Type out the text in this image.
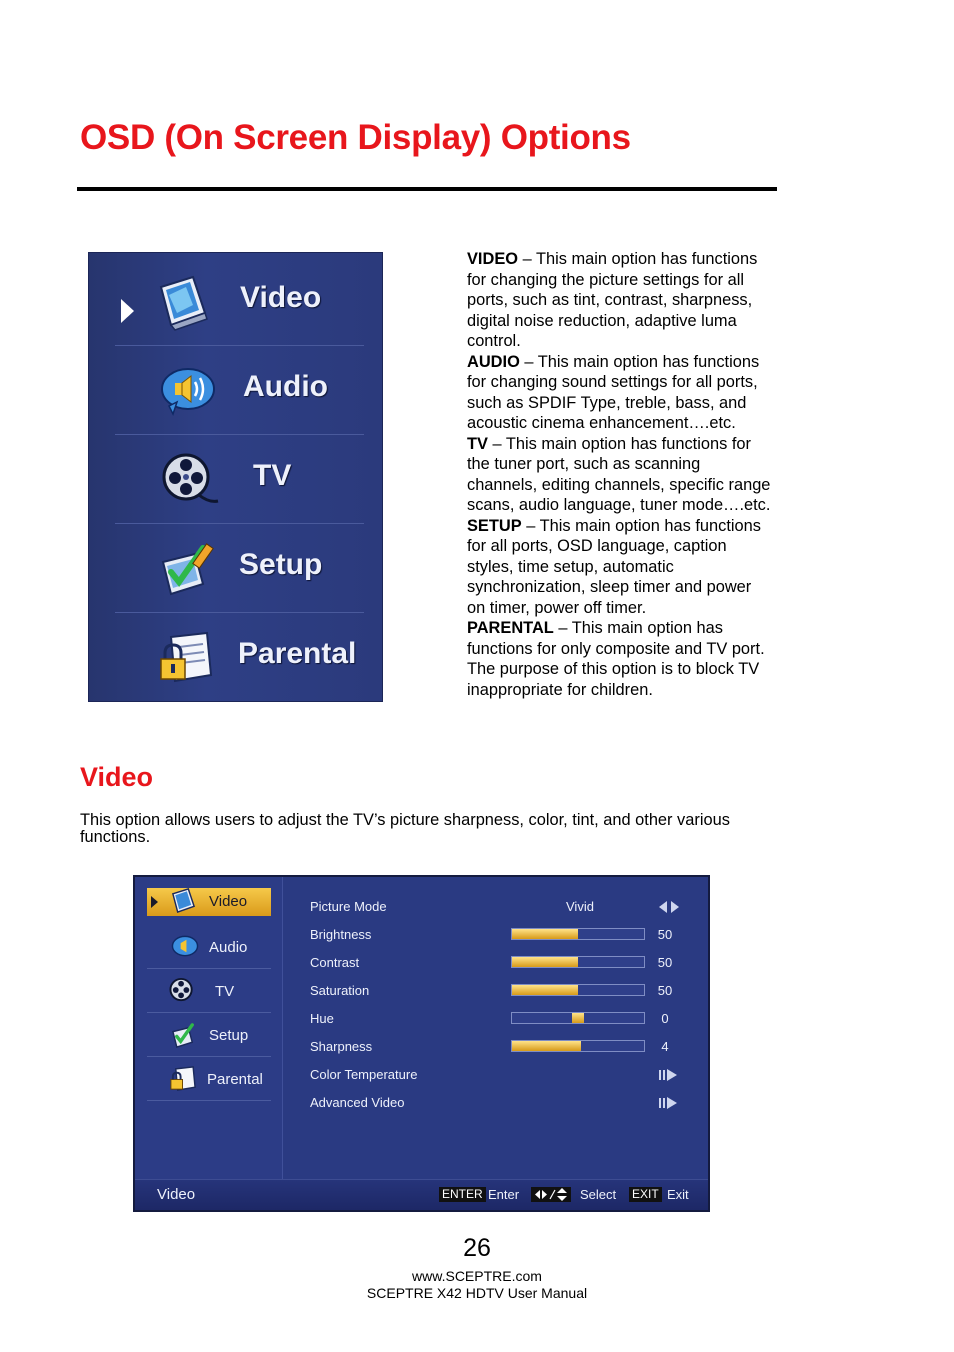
OSD (On Screen Display) Options
Video
Audio
TV
Setup
Parental

VIDEO – This main option has functions for changing the picture settings for all ports, such as tint, contrast, sharpness, digital noise reduction, adaptive luma control.

AUDIO – This main option has functions for changing sound settings for all ports, such as SPDIF Type, treble, bass, and acoustic cinema enhancement….etc.

TV – This main option has functions for the tuner port, such as scanning channels, editing channels, specific range scans, audio language, tuner mode….etc.

SETUP – This main option has functions for all ports, OSD language, caption styles, time setup, automatic synchronization, sleep timer and power on timer, power off timer.

PARENTAL – This main option has functions for only composite and TV port. The purpose of this option is to block TV inappropriate for children.

Video

This option allows users to adjust the TV’s picture sharpness, color, tint, and other various functions.

Video
Audio
TV
Setup
Parental
Picture Mode	Vivid
Brightness	50
Contrast	50
Saturation	50
Hue	0
Sharpness	4
Color Temperature
Advanced Video
Video	ENTER Enter	Select EXIT Exit
26
www.SCEPTRE.com
SCEPTRE X42 HDTV User Manual
